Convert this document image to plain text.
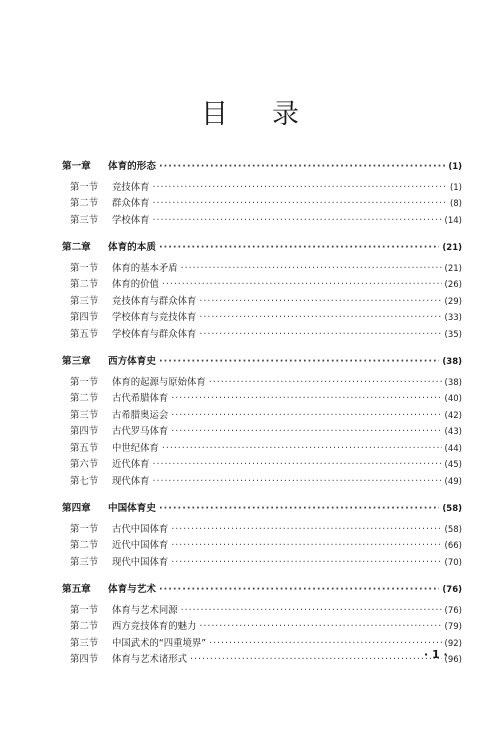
目 录
第一章	体育的形态 ·····	(1)
第一节	竞技体育 ·····	(1)
第二节	群众体育 ·····	(8)
第三节	学校体育 ·····	(14)
第二章	体育的本质 ·····	(21)
第一节	体育的基本矛盾 ·····	(21)
第二节	体育的价值 ·····	(26)
第三节	竞技体育与群众体育 ·····	(29)
第四节	学校体育与竞技体育 ·····	(33)
第五节	学校体育与群众体育 ·····	(35)
第三章	西方体育史 ·····	(38)
第一节	体育的起源与原始体育 ·····	(38)
第二节	古代希腊体育 ·····	(40)
第三节	古希腊奥运会 ·····	(42)
第四节	古代罗马体育 ·····	(43)
第五节	中世纪体育 ·····	(44)
第六节	近代体育 ·····	(45)
第七节	现代体育 ·····	(49)
第四章	中国体育史 ·····	(58)
第一节	古代中国体育 ·····	(58)
第二节	近代中国体育 ·····	(66)
第三节	现代中国体育 ·····	(70)
第五章	体育与艺术 ·····	(76)
第一节	体育与艺术同源 ·····	(76)
第二节	西方竞技体育的魅力 ·····	(79)
第三节	中国武术的“四重境界” ·····	(92)
第四节	体育与艺术诸形式 ·····	(96)
· 1 ·
